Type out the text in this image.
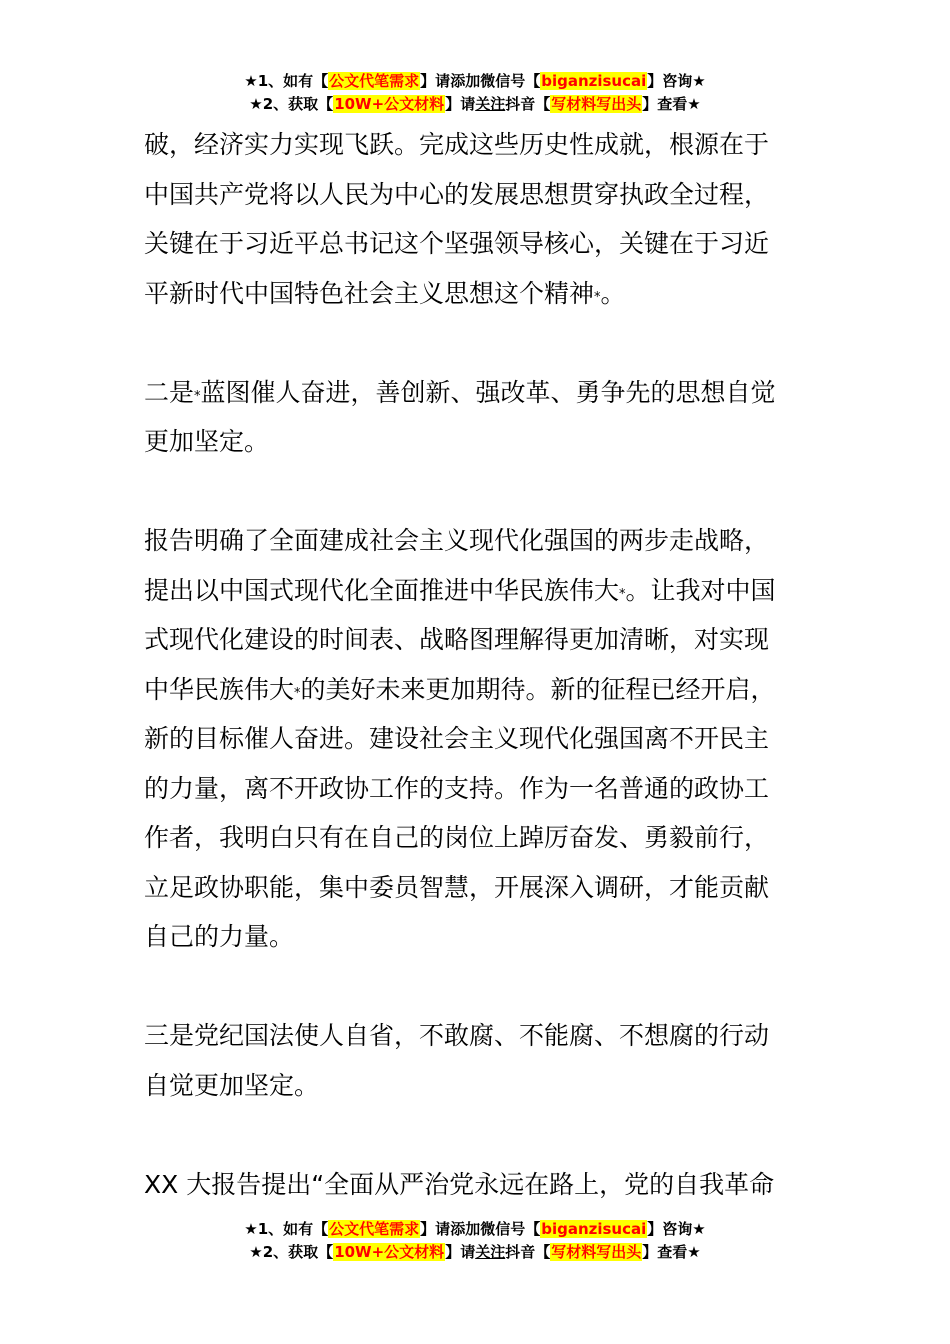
★1、如有【公文代笔需求】请添加微信号【biganzisucai】咨询★
★2、获取【10W+公文材料】请关注抖音【写材料写出头】查看★

破，经济实力实现飞跃。完成这些历史性成就，根源在于

中国共产党将以人民为中心的发展思想贯穿执政全过程，

关键在于习近平总书记这个坚强领导核心，关键在于习近

平新时代中国特色社会主义思想这个精神*。

二是*蓝图催人奋进，善创新、强改革、勇争先的思想自觉

更加坚定。

报告明确了全面建成社会主义现代化强国的两步走战略，

提出以中国式现代化全面推进中华民族伟大*。让我对中国

式现代化建设的时间表、战略图理解得更加清晰，对实现

中华民族伟大*的美好未来更加期待。新的征程已经开启，

新的目标催人奋进。建设社会主义现代化强国离不开民主

的力量，离不开政协工作的支持。作为一名普通的政协工

作者，我明白只有在自己的岗位上踔厉奋发、勇毅前行，

立足政协职能，集中委员智慧，开展深入调研，才能贡献

自己的力量。

三是党纪国法使人自省，不敢腐、不能腐、不想腐的行动

自觉更加坚定。

XX 大报告提出“全面从严治党永远在路上，党的自我革命

★1、如有【公文代笔需求】请添加微信号【biganzisucai】咨询★
★2、获取【10W+公文材料】请关注抖音【写材料写出头】查看★
